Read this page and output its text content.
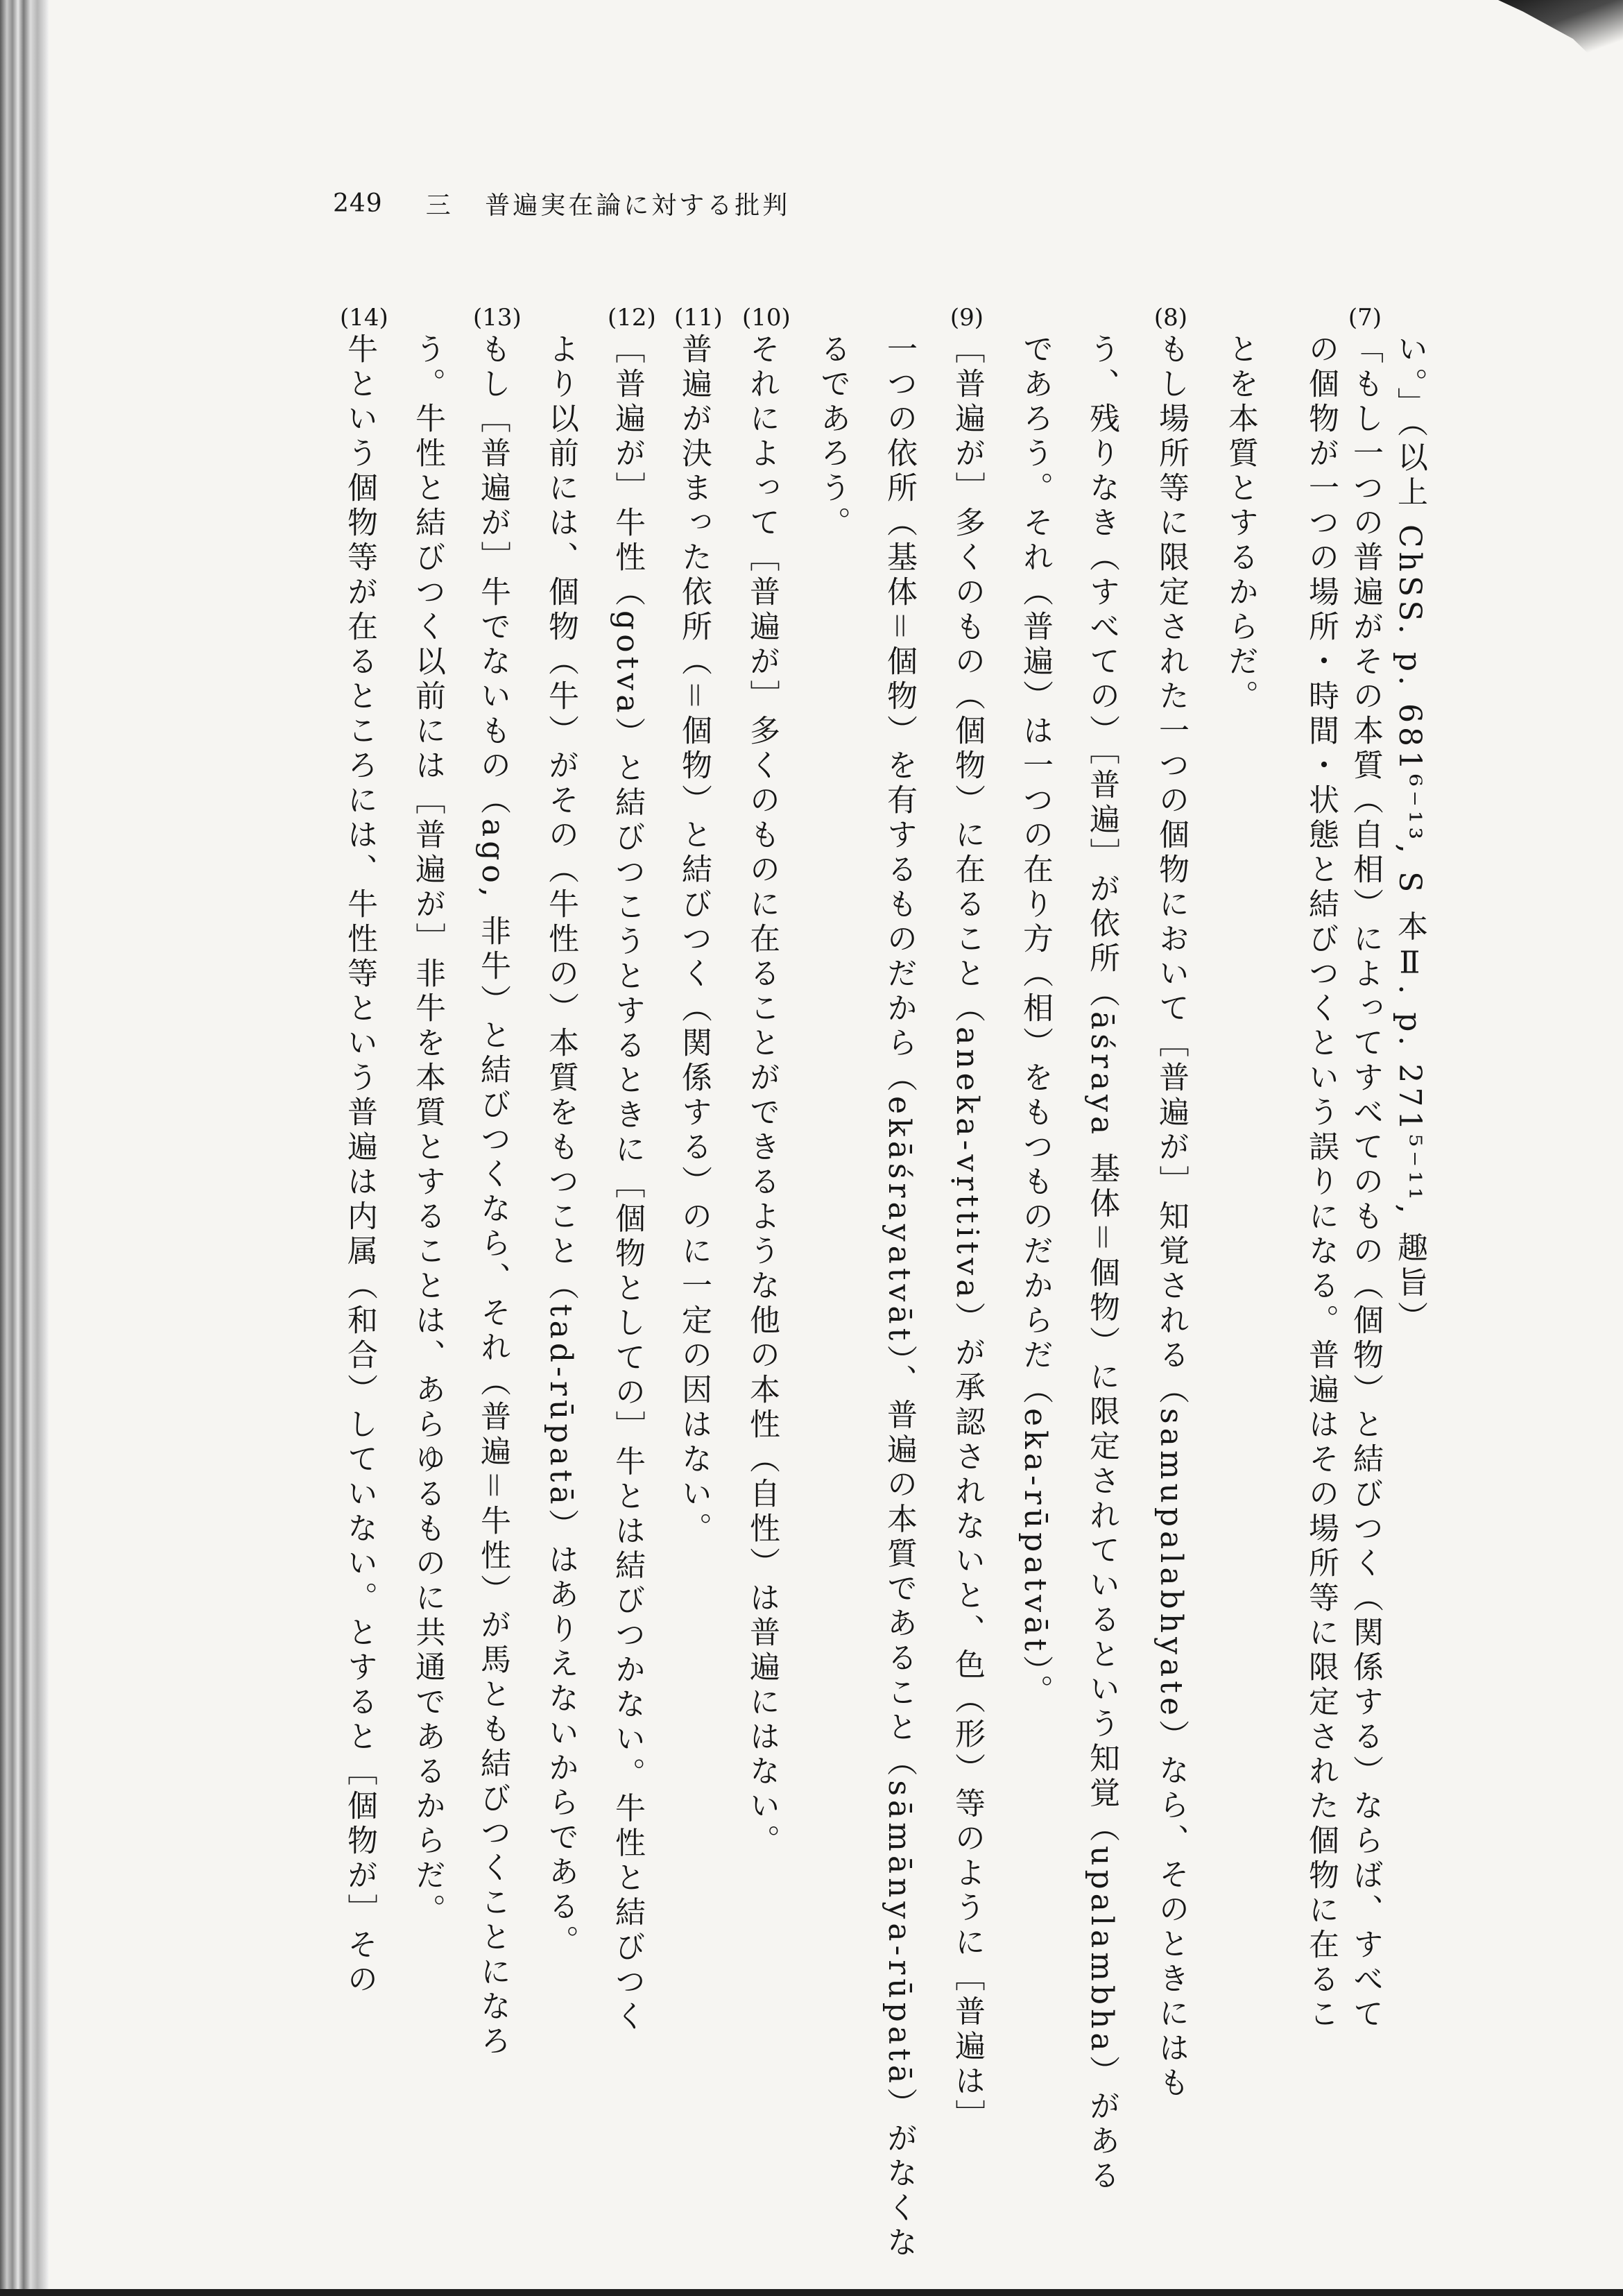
249 三 普遍実在論に対する批判
い。」（以上 ChSS. p. 681⁶⁻¹³, S 本Ⅱ. p. 271⁵⁻¹¹, 趣旨）
(7)
「もし一つの普遍がその本質（自相）によってすべてのもの（個物）と結びつく（関係する）ならば、すべて
の個物が一つの場所・時間・状態と結びつくという誤りになる。普遍はその場所等に限定された個物に在るこ
とを本質とするからだ。
(8)
もし場所等に限定された一つの個物において［普遍が］知覚される（samupalabhyate）なら、そのときにはも
う、残りなき（すべての）［普遍］が依所（āśraya 基体＝個物）に限定されているという知覚（upalambha）がある
であろう。それ（普遍）は一つの在り方（相）をもつものだからだ（eka-rūpatvāt）。
(9)
［普遍が］多くのもの（個物）に在ること（aneka-vṛttitva）が承認されないと、色（形）等のように［普遍は］
一つの依所（基体＝個物）を有するものだから（ekāśrayatvāt）、普遍の本質であること（sāmānya-rūpatā）がなくな
るであろう。
(10)
それによって［普遍が］多くのものに在ることができるような他の本性（自性）は普遍にはない。
(11)
普遍が決まった依所（＝個物）と結びつく（関係する）のに一定の因はない。
(12)
［普遍が］牛性（gotva）と結びつこうとするときに［個物としての］牛とは結びつかない。牛性と結びつく
より以前には、個物（牛）がその（牛性の）本質をもつこと（tad-rūpatā）はありえないからである。
(13)
もし［普遍が］牛でないもの（ago, 非牛）と結びつくなら、それ（普遍＝牛性）が馬とも結びつくことになろ
う。牛性と結びつく以前には［普遍が］非牛を本質とすることは、あらゆるものに共通であるからだ。
(14)
牛という個物等が在るところには、牛性等という普遍は内属（和合）していない。とすると［個物が］その
